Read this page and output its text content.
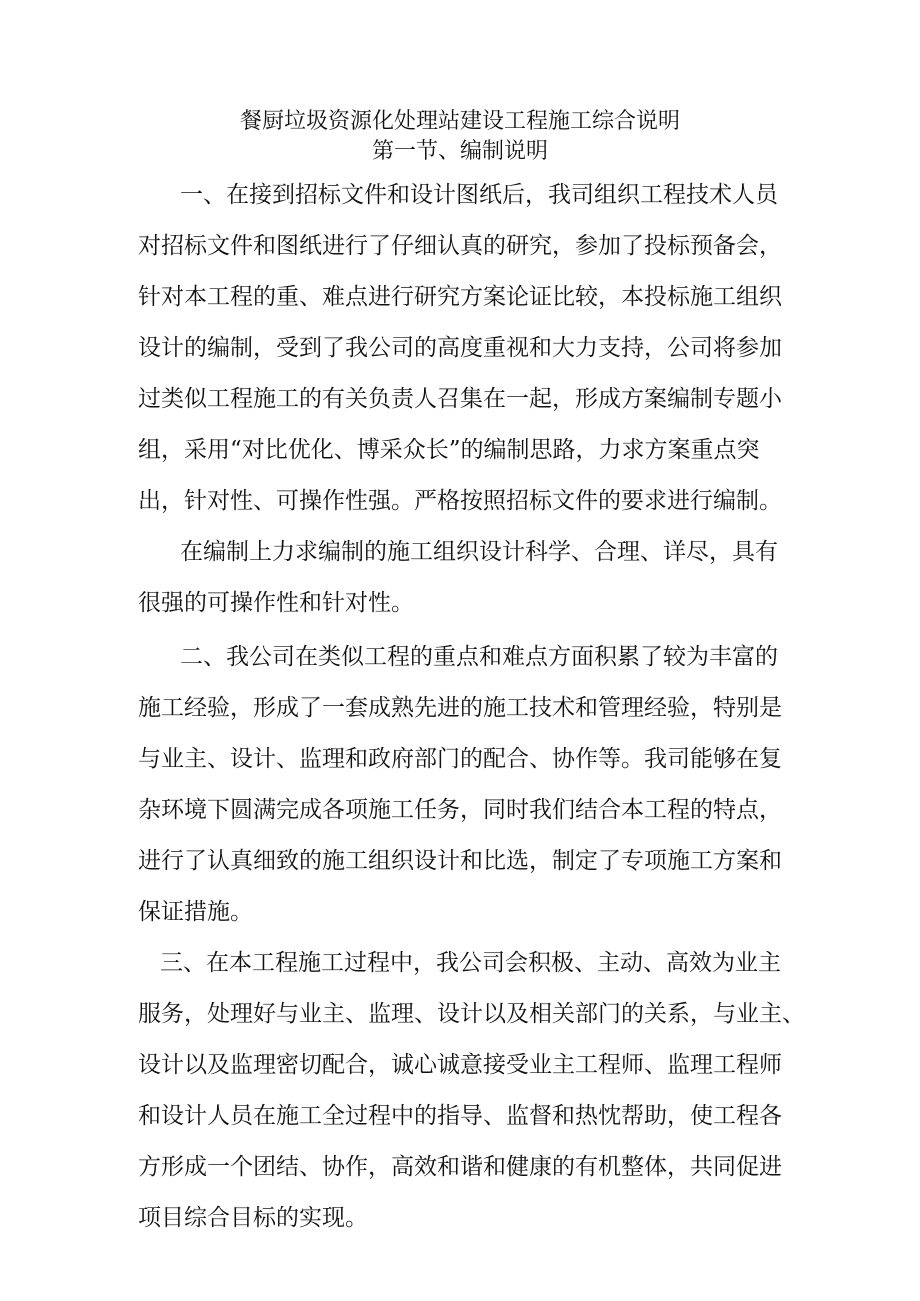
餐厨垃圾资源化处理站建设工程施工综合说明
第一节、编制说明
一、在接到招标文件和设计图纸后，我司组织工程技术人员
对招标文件和图纸进行了仔细认真的研究，参加了投标预备会，
针对本工程的重、难点进行研究方案论证比较，本投标施工组织
设计的编制，受到了我公司的高度重视和大力支持，公司将参加
过类似工程施工的有关负责人召集在一起，形成方案编制专题小
组，采用“对比优化、博采众长”的编制思路，力求方案重点突
出，针对性、可操作性强。严格按照招标文件的要求进行编制。
在编制上力求编制的施工组织设计科学、合理、详尽，具有
很强的可操作性和针对性。
二、我公司在类似工程的重点和难点方面积累了较为丰富的
施工经验，形成了一套成熟先进的施工技术和管理经验，特别是
与业主、设计、监理和政府部门的配合、协作等。我司能够在复
杂环境下圆满完成各项施工任务，同时我们结合本工程的特点，
进行了认真细致的施工组织设计和比选，制定了专项施工方案和
保证措施。
三、在本工程施工过程中，我公司会积极、主动、高效为业主
服务，处理好与业主、监理、设计以及相关部门的关系，与业主、
设计以及监理密切配合，诚心诚意接受业主工程师、监理工程师
和设计人员在施工全过程中的指导、监督和热忱帮助，使工程各
方形成一个团结、协作，高效和谐和健康的有机整体，共同促进
项目综合目标的实现。
